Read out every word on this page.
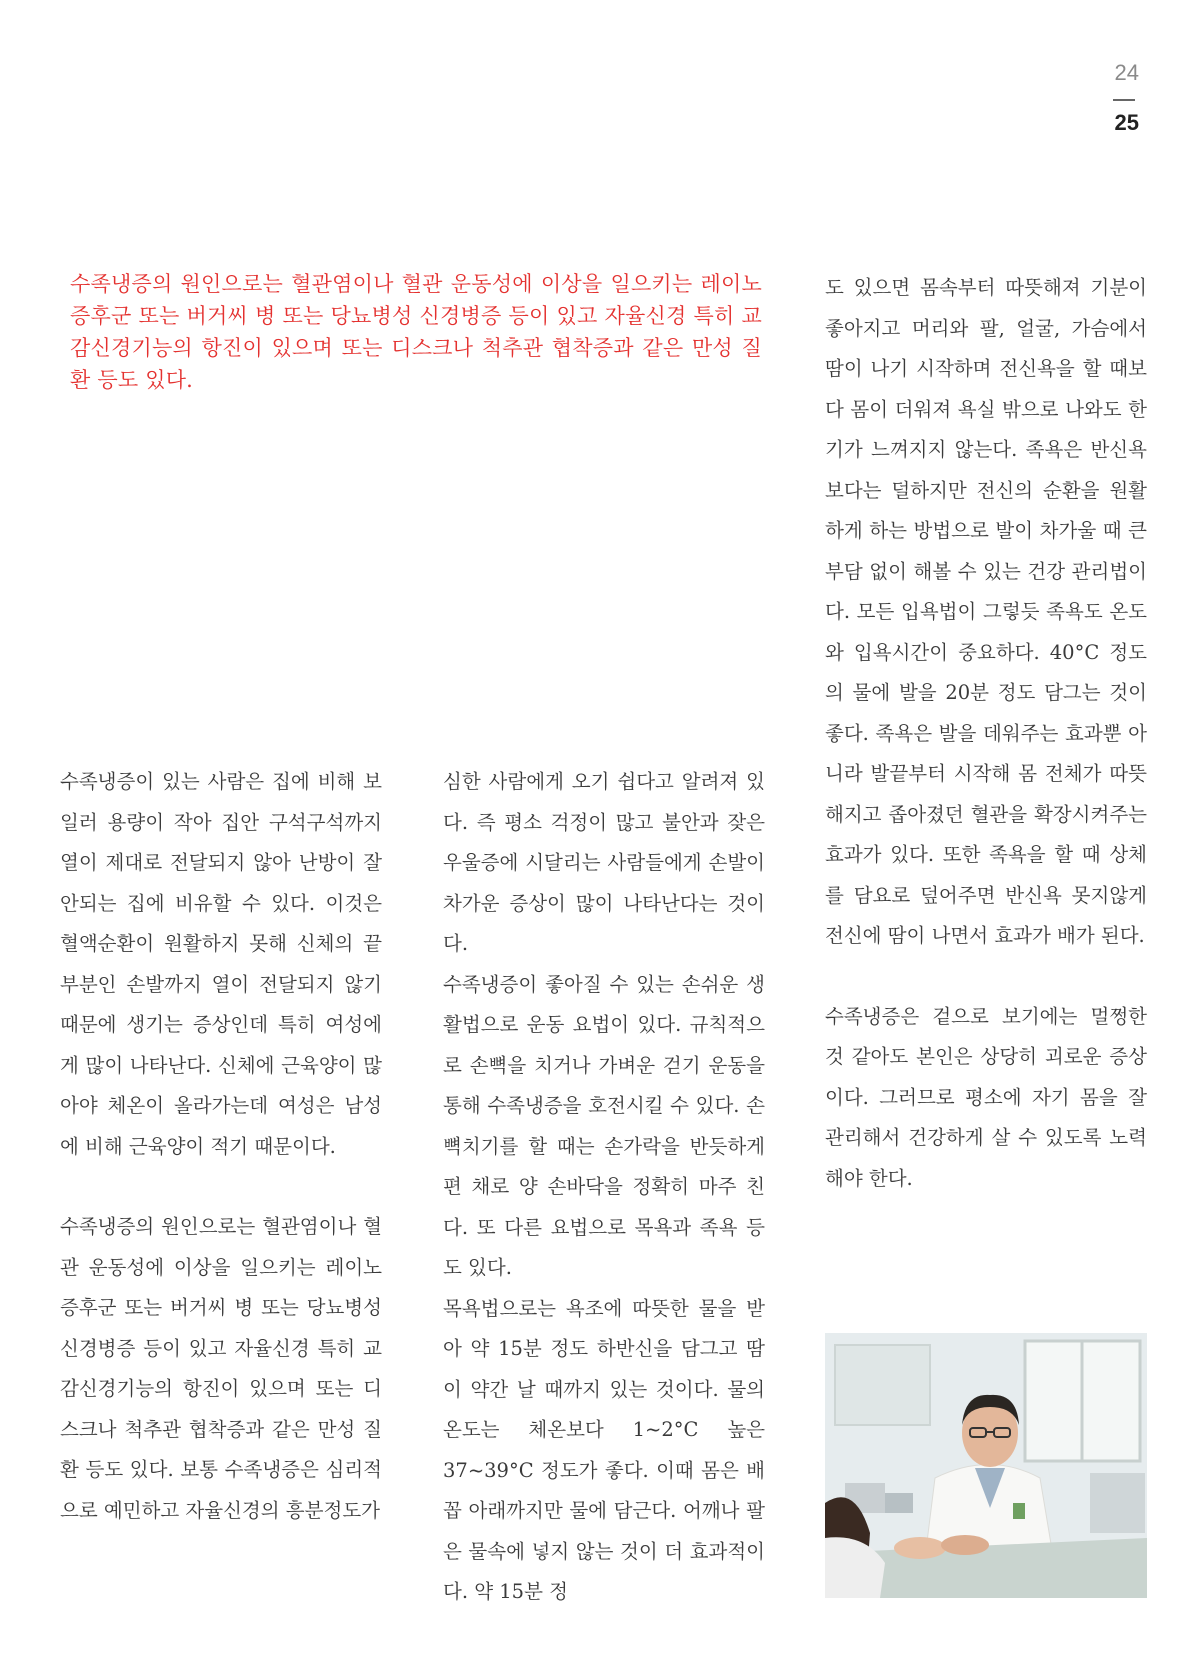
24
25
수족냉증의 원인으로는 혈관염이나 혈관 운동성에 이상을 일으키는 레이노 증후군 또는 버거씨 병 또는 당뇨병성 신경병증 등이 있고 자율신경 특히 교감신경기능의 항진이 있으며 또는 디스크나 척추관 협착증과 같은 만성 질환 등도 있다.

수족냉증이 있는 사람은 집에 비해 보일러 용량이 작아 집안 구석구석까지 열이 제대로 전달되지 않아 난방이 잘 안되는 집에 비유할 수 있다. 이것은 혈액순환이 원활하지 못해 신체의 끝부분인 손발까지 열이 전달되지 않기 때문에 생기는 증상인데 특히 여성에게 많이 나타난다. 신체에 근육양이 많아야 체온이 올라가는데 여성은 남성에 비해 근육양이 적기 때문이다.

수족냉증의 원인으로는 혈관염이나 혈관 운동성에 이상을 일으키는 레이노 증후군 또는 버거씨 병 또는 당뇨병성 신경병증 등이 있고 자율신경 특히 교감신경기능의 항진이 있으며 또는 디스크나 척추관 협착증과 같은 만성 질환 등도 있다. 보통 수족냉증은 심리적으로 예민하고 자율신경의 흥분정도가

심한 사람에게 오기 쉽다고 알려져 있다. 즉 평소 걱정이 많고 불안과 잦은 우울증에 시달리는 사람들에게 손발이 차가운 증상이 많이 나타난다는 것이다.

수족냉증이 좋아질 수 있는 손쉬운 생활법으로 운동 요법이 있다. 규칙적으로 손뼉을 치거나 가벼운 걷기 운동을 통해 수족냉증을 호전시킬 수 있다. 손뼉치기를 할 때는 손가락을 반듯하게 편 채로 양 손바닥을 정확히 마주 친다. 또 다른 요법으로 목욕과 족욕 등도 있다.

목욕법으로는 욕조에 따뜻한 물을 받아 약 15분 정도 하반신을 담그고 땀이 약간 날 때까지 있는 것이다. 물의 온도는 체온보다 1~2°C 높은 37~39°C 정도가 좋다. 이때 몸은 배꼽 아래까지만 물에 담근다. 어깨나 팔은 물속에 넣지 않는 것이 더 효과적이다. 약 15분 정

도 있으면 몸속부터 따뜻해져 기분이 좋아지고 머리와 팔, 얼굴, 가슴에서 땀이 나기 시작하며 전신욕을 할 때보다 몸이 더워져 욕실 밖으로 나와도 한기가 느껴지지 않는다. 족욕은 반신욕보다는 덜하지만 전신의 순환을 원활하게 하는 방법으로 발이 차가울 때 큰 부담 없이 해볼 수 있는 건강 관리법이다. 모든 입욕법이 그렇듯 족욕도 온도와 입욕시간이 중요하다. 40°C 정도의 물에 발을 20분 정도 담그는 것이 좋다. 족욕은 발을 데워주는 효과뿐 아니라 발끝부터 시작해 몸 전체가 따뜻해지고 좁아졌던 혈관을 확장시켜주는 효과가 있다. 또한 족욕을 할 때 상체를 담요로 덮어주면 반신욕 못지않게 전신에 땀이 나면서 효과가 배가 된다.

수족냉증은 겉으로 보기에는 멀쩡한 것 같아도 본인은 상당히 괴로운 증상이다. 그러므로 평소에 자기 몸을 잘 관리해서 건강하게 살 수 있도록 노력해야 한다.
